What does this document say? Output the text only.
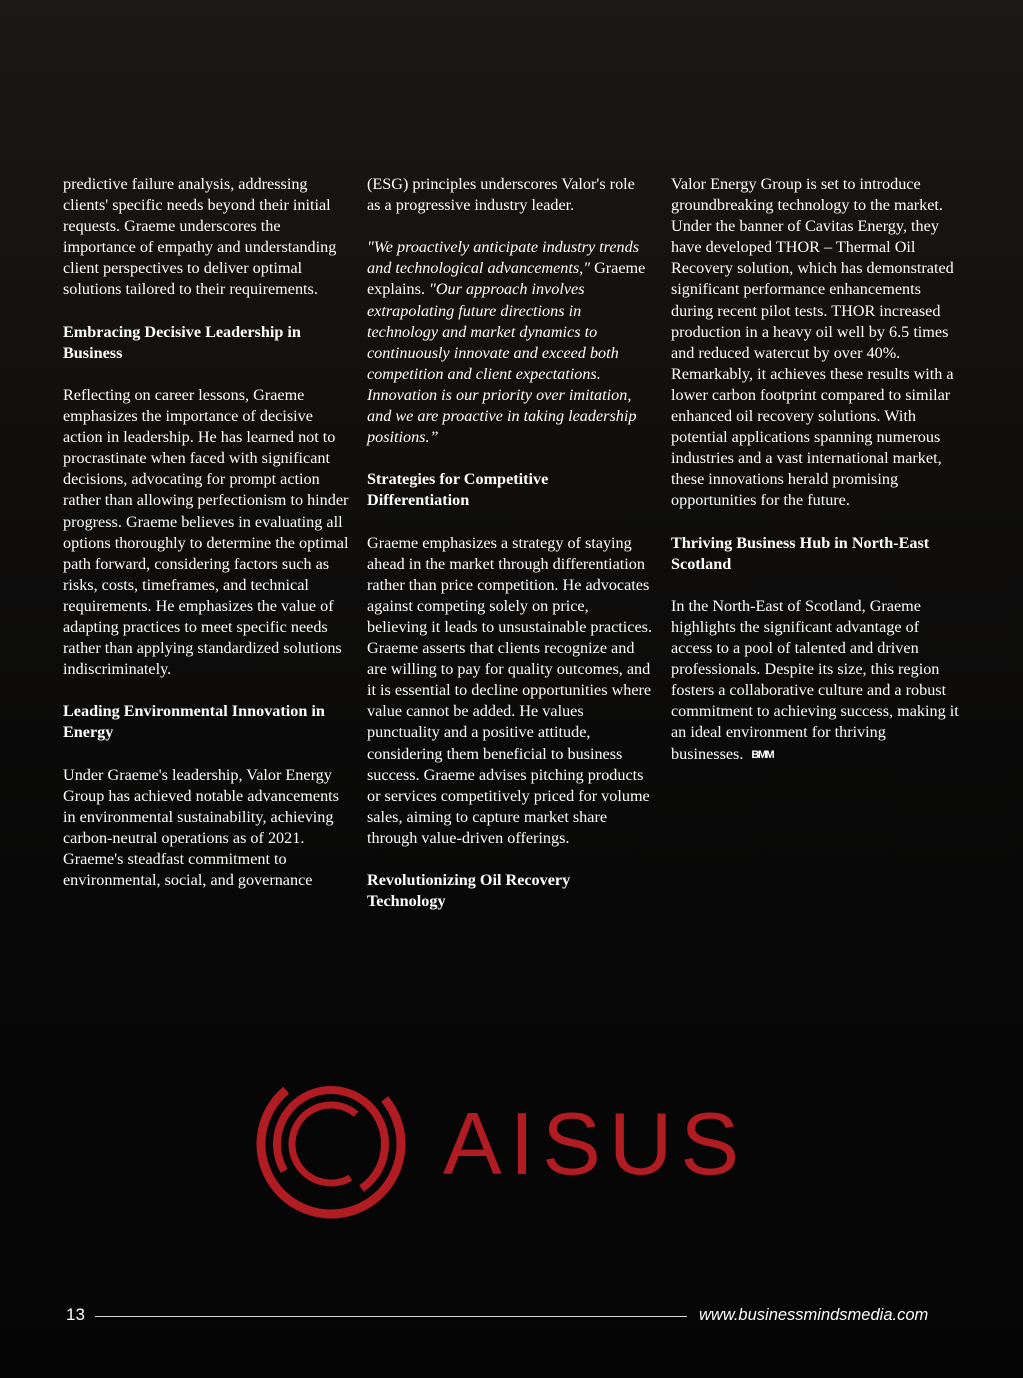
predictive failure analysis, addressing clients' specific needs beyond their initial requests. Graeme underscores the importance of empathy and understanding client perspectives to deliver optimal solutions tailored to their requirements.

Embracing Decisive Leadership in Business

Reflecting on career lessons, Graeme emphasizes the importance of decisive action in leadership. He has learned not to procrastinate when faced with significant decisions, advocating for prompt action rather than allowing perfectionism to hinder progress. Graeme believes in evaluating all options thoroughly to determine the optimal path forward, considering factors such as risks, costs, timeframes, and technical requirements. He emphasizes the value of adapting practices to meet specific needs rather than applying standardized solutions indiscriminately.

Leading Environmental Innovation in Energy

Under Graeme's leadership, Valor Energy Group has achieved notable advancements in environmental sustainability, achieving carbon-neutral operations as of 2021. Graeme's steadfast commitment to environmental, social, and governance

(ESG) principles underscores Valor's role as a progressive industry leader.

"We proactively anticipate industry trends and technological advancements," Graeme explains. "Our approach involves extrapolating future directions in technology and market dynamics to continuously innovate and exceed both competition and client expectations. Innovation is our priority over imitation, and we are proactive in taking leadership positions.”

Strategies for Competitive Differentiation

Graeme emphasizes a strategy of staying ahead in the market through differentiation rather than price competition. He advocates against competing solely on price, believing it leads to unsustainable practices. Graeme asserts that clients recognize and are willing to pay for quality outcomes, and it is essential to decline opportunities where value cannot be added. He values punctuality and a positive attitude, considering them beneficial to business success. Graeme advises pitching products or services competitively priced for volume sales, aiming to capture market share through value-driven offerings.

Revolutionizing Oil Recovery Technology

Valor Energy Group is set to introduce groundbreaking technology to the market. Under the banner of Cavitas Energy, they have developed THOR – Thermal Oil Recovery solution, which has demonstrated significant performance enhancements during recent pilot tests. THOR increased production in a heavy oil well by 6.5 times and reduced watercut by over 40%. Remarkably, it achieves these results with a lower carbon footprint compared to similar enhanced oil recovery solutions. With potential applications spanning numerous industries and a vast international market, these innovations herald promising opportunities for the future.

Thriving Business Hub in North-East Scotland

In the North-East of Scotland, Graeme highlights the significant advantage of access to a pool of talented and driven professionals. Despite its size, this region fosters a collaborative culture and a robust commitment to achieving success, making it an ideal environment for thriving businesses. BMM

AISUS
13	www.businessmindsmedia.com
